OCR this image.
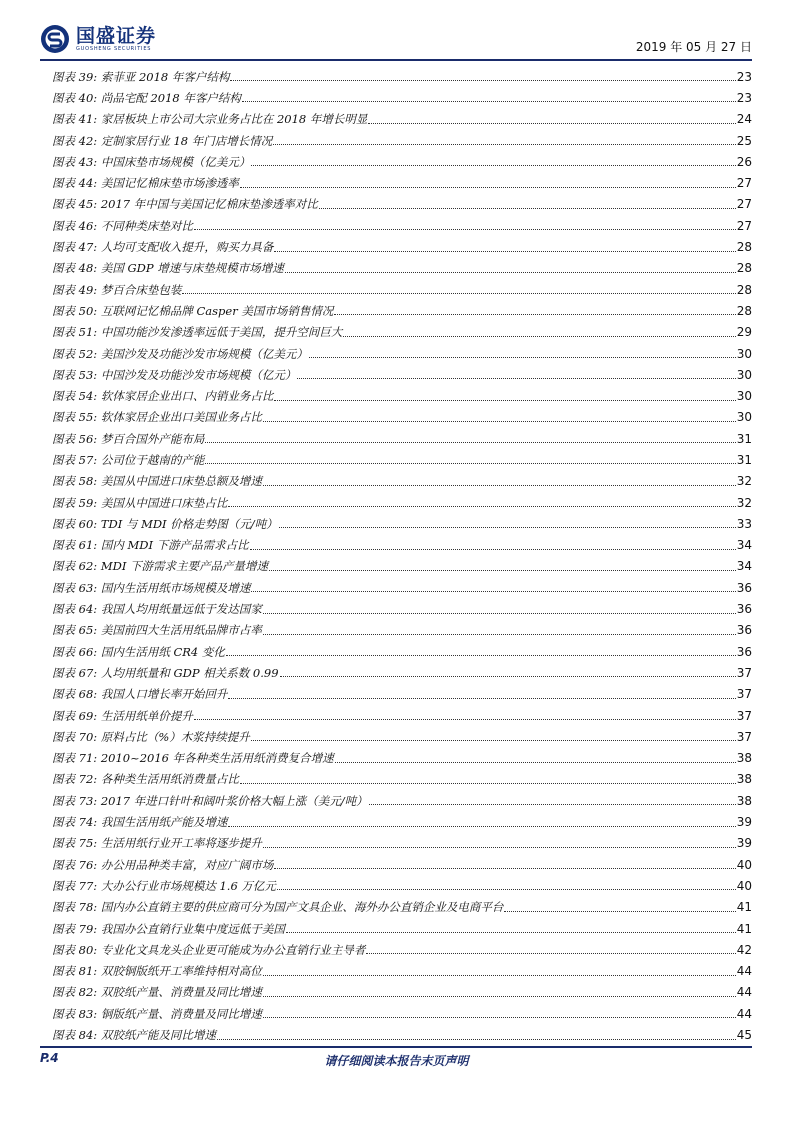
国盛证券
GUOSHENG SECURITIES	2019 年 05 月 27 日
图表 39: 索菲亚 2018 年客户结构	23
图表 40: 尚品宅配 2018 年客户结构	23
图表 41: 家居板块上市公司大宗业务占比在 2018 年增长明显	24
图表 42: 定制家居行业 18 年门店增长情况	25
图表 43: 中国床垫市场规模（亿美元）	26
图表 44: 美国记忆棉床垫市场渗透率	27
图表 45: 2017 年中国与美国记忆棉床垫渗透率对比	27
图表 46: 不同种类床垫对比	27
图表 47: 人均可支配收入提升，购买力具备	28
图表 48: 美国 GDP 增速与床垫规模市场增速	28
图表 49: 梦百合床垫包装	28
图表 50: 互联网记忆棉品牌 Casper 美国市场销售情况	28
图表 51: 中国功能沙发渗透率远低于美国，提升空间巨大	29
图表 52: 美国沙发及功能沙发市场规模（亿美元）	30
图表 53: 中国沙发及功能沙发市场规模（亿元）	30
图表 54: 软体家居企业出口、内销业务占比	30
图表 55: 软体家居企业出口美国业务占比	30
图表 56: 梦百合国外产能布局	31
图表 57: 公司位于越南的产能	31
图表 58: 美国从中国进口床垫总额及增速	32
图表 59: 美国从中国进口床垫占比	32
图表 60: TDI 与 MDI 价格走势图（元/吨）	33
图表 61: 国内 MDI 下游产品需求占比	34
图表 62: MDI 下游需求主要产品产量增速	34
图表 63: 国内生活用纸市场规模及增速	36
图表 64: 我国人均用纸量远低于发达国家	36
图表 65: 美国前四大生活用纸品牌市占率	36
图表 66: 国内生活用纸 CR4 变化	36
图表 67: 人均用纸量和 GDP 相关系数 0.99	37
图表 68: 我国人口增长率开始回升	37
图表 69: 生活用纸单价提升	37
图表 70: 原料占比（%）木浆持续提升	37
图表 71: 2010~2016 年各种类生活用纸消费复合增速	38
图表 72: 各种类生活用纸消费量占比	38
图表 73: 2017 年进口针叶和阔叶浆价格大幅上涨（美元/吨）	38
图表 74: 我国生活用纸产能及增速	39
图表 75: 生活用纸行业开工率将逐步提升	39
图表 76: 办公用品种类丰富，对应广阔市场	40
图表 77: 大办公行业市场规模达 1.6 万亿元	40
图表 78: 国内办公直销主要的供应商可分为国产文具企业、海外办公直销企业及电商平台	41
图表 79: 我国办公直销行业集中度远低于美国	41
图表 80: 专业化文具龙头企业更可能成为办公直销行业主导者	42
图表 81: 双胶铜版纸开工率维持相对高位	44
图表 82: 双胶纸产量、消费量及同比增速	44
图表 83: 铜版纸产量、消费量及同比增速	44
图表 84: 双胶纸产能及同比增速	45
P.4	请仔细阅读本报告末页声明
